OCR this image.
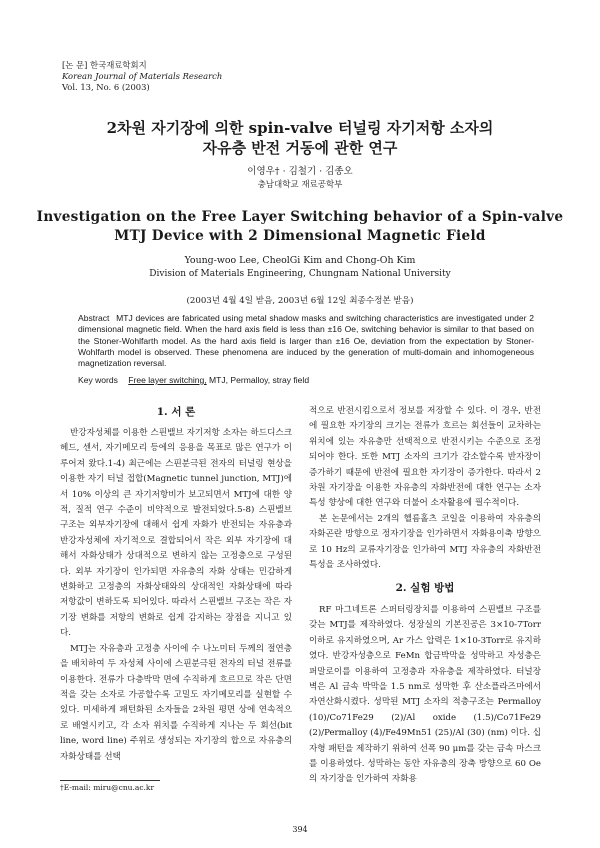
[논 문] 한국재료학회지
Korean Journal of Materials Research
Vol. 13, No. 6 (2003)
2차원 자기장에 의한 spin-valve 터널링 자기저항 소자의
자유층 반전 거동에 관한 연구
이영우† · 김철기 · 김종오
충남대학교 재료공학부
Investigation on the Free Layer Switching behavior of a Spin-valve
MTJ Device with 2 Dimensional Magnetic Field
Young-woo Lee, CheolGi Kim and Chong-Oh Kim
Division of Materials Engineering, Chungnam National University
(2003년 4월 4일 받음, 2003년 6월 12일 최종수정본 받음)
Abstract MTJ devices are fabricated using metal shadow masks and switching characteristics are investigated under 2 dimensional magnetic field. When the hard axis field is less than ±16 Oe, switching behavior is similar to that based on the Stoner-Wohlfarth model. As the hard axis field is larger than ±16 Oe, deviation from the expectation by Stoner-Wohlfarth model is observed. These phenomena are induced by the generation of multi-domain and inhomogeneous magnetization reversal.
Key words Free layer switching, MTJ, Permalloy, stray field
1. 서 론

반강자성체를 이용한 스핀밸브 자기저항 소자는 하드디스크 헤드, 센서, 자기메모리 등에의 응용을 목표로 많은 연구가 이루어져 왔다.1-4) 최근에는 스핀분극된 전자의 터널링 현상을 이용한 자기 터널 접합(Magnetic tunnel junction, MTJ)에서 10% 이상의 큰 자기저항비가 보고되면서 MTJ에 대한 양적, 질적 연구 수준이 비약적으로 발전되었다.5-8) 스핀밸브 구조는 외부자기장에 대해서 쉽게 자화가 반전되는 자유층과 반강자성체에 자기적으로 결합되어서 작은 외부 자기장에 대해서 자화상태가 상대적으로 변하지 않는 고정층으로 구성된다. 외부 자기장이 인가되면 자유층의 자화 상태는 민감하게 변화하고 고정층의 자화상태와의 상대적인 자화상태에 따라 저항값이 변하도록 되어있다. 따라서 스핀밸브 구조는 작은 자기장 변화를 저항의 변화로 쉽게 감지하는 장점을 지니고 있다.

MTJ는 자유층과 고정층 사이에 수 나노미터 두께의 절연층을 배치하여 두 자성체 사이에 스핀분극된 전자의 터널 전류를 이용한다. 전류가 다층박막 면에 수직하게 흐르므로 작은 단면적을 갖는 소자로 가공할수록 고밀도 자기메모리를 실현할 수 있다. 미세하게 패턴화된 소자들을 2차원 평면 상에 연속적으로 배열시키고, 각 소자 위치를 수직하게 지나는 두 회선(bit line, word line) 주위로 생성되는 자기장의 합으로 자유층의 자화상태를 선택

적으로 반전시킴으로서 정보를 저장할 수 있다. 이 경우, 반전에 필요한 자기장의 크기는 전류가 흐르는 회선들이 교차하는 위치에 있는 자유층만 선택적으로 반전시키는 수준으로 조정되어야 한다. 또한 MTJ 소자의 크기가 감소할수록 반자장이 증가하기 때문에 반전에 필요한 자기장이 증가한다. 따라서 2차원 자기장을 이용한 자유층의 자화반전에 대한 연구는 소자특성 향상에 대한 연구와 더불어 소자활용에 필수적이다.

본 논문에서는 2개의 헬름홀츠 코일을 이용하여 자유층의 자화곤란 방향으로 정자기장을 인가하면서 자화용이축 방향으로 10 Hz의 교류자기장을 인가하여 MTJ 자유층의 자화반전 특성을 조사하였다.

2. 실험 방법

RF 마그네트론 스퍼터링장치를 이용하여 스핀밸브 구조를 갖는 MTJ를 제작하였다. 성장실의 기본진공은 3×10-7Torr 이하로 유지하였으며, Ar 가스 압력은 1×10-3Torr로 유지하였다. 반강자성층으로 FeMn 합금박막을 성막하고 자성층은 퍼말로이를 이용하여 고정층과 자유층을 제작하였다. 터널장벽은 Al 금속 박막을 1.5 nm로 성막한 후 산소플라즈마에서 자연산화시켰다. 성막된 MTJ 소자의 적층구조는 Permalloy (10)/Co71Fe29 (2)/Al oxide (1.5)/Co71Fe29 (2)/Permalloy (4)/Fe49Mn51 (25)/Al (30) (nm) 이다. 십자형 패턴을 제작하기 위하여 선폭 90 μm를 갖는 금속 마스크를 이용하였다. 성막하는 동안 자유층의 장축 방향으로 60 Oe의 자기장을 인가하여 자화용

†E-mail: miru@cnu.ac.kr
394
